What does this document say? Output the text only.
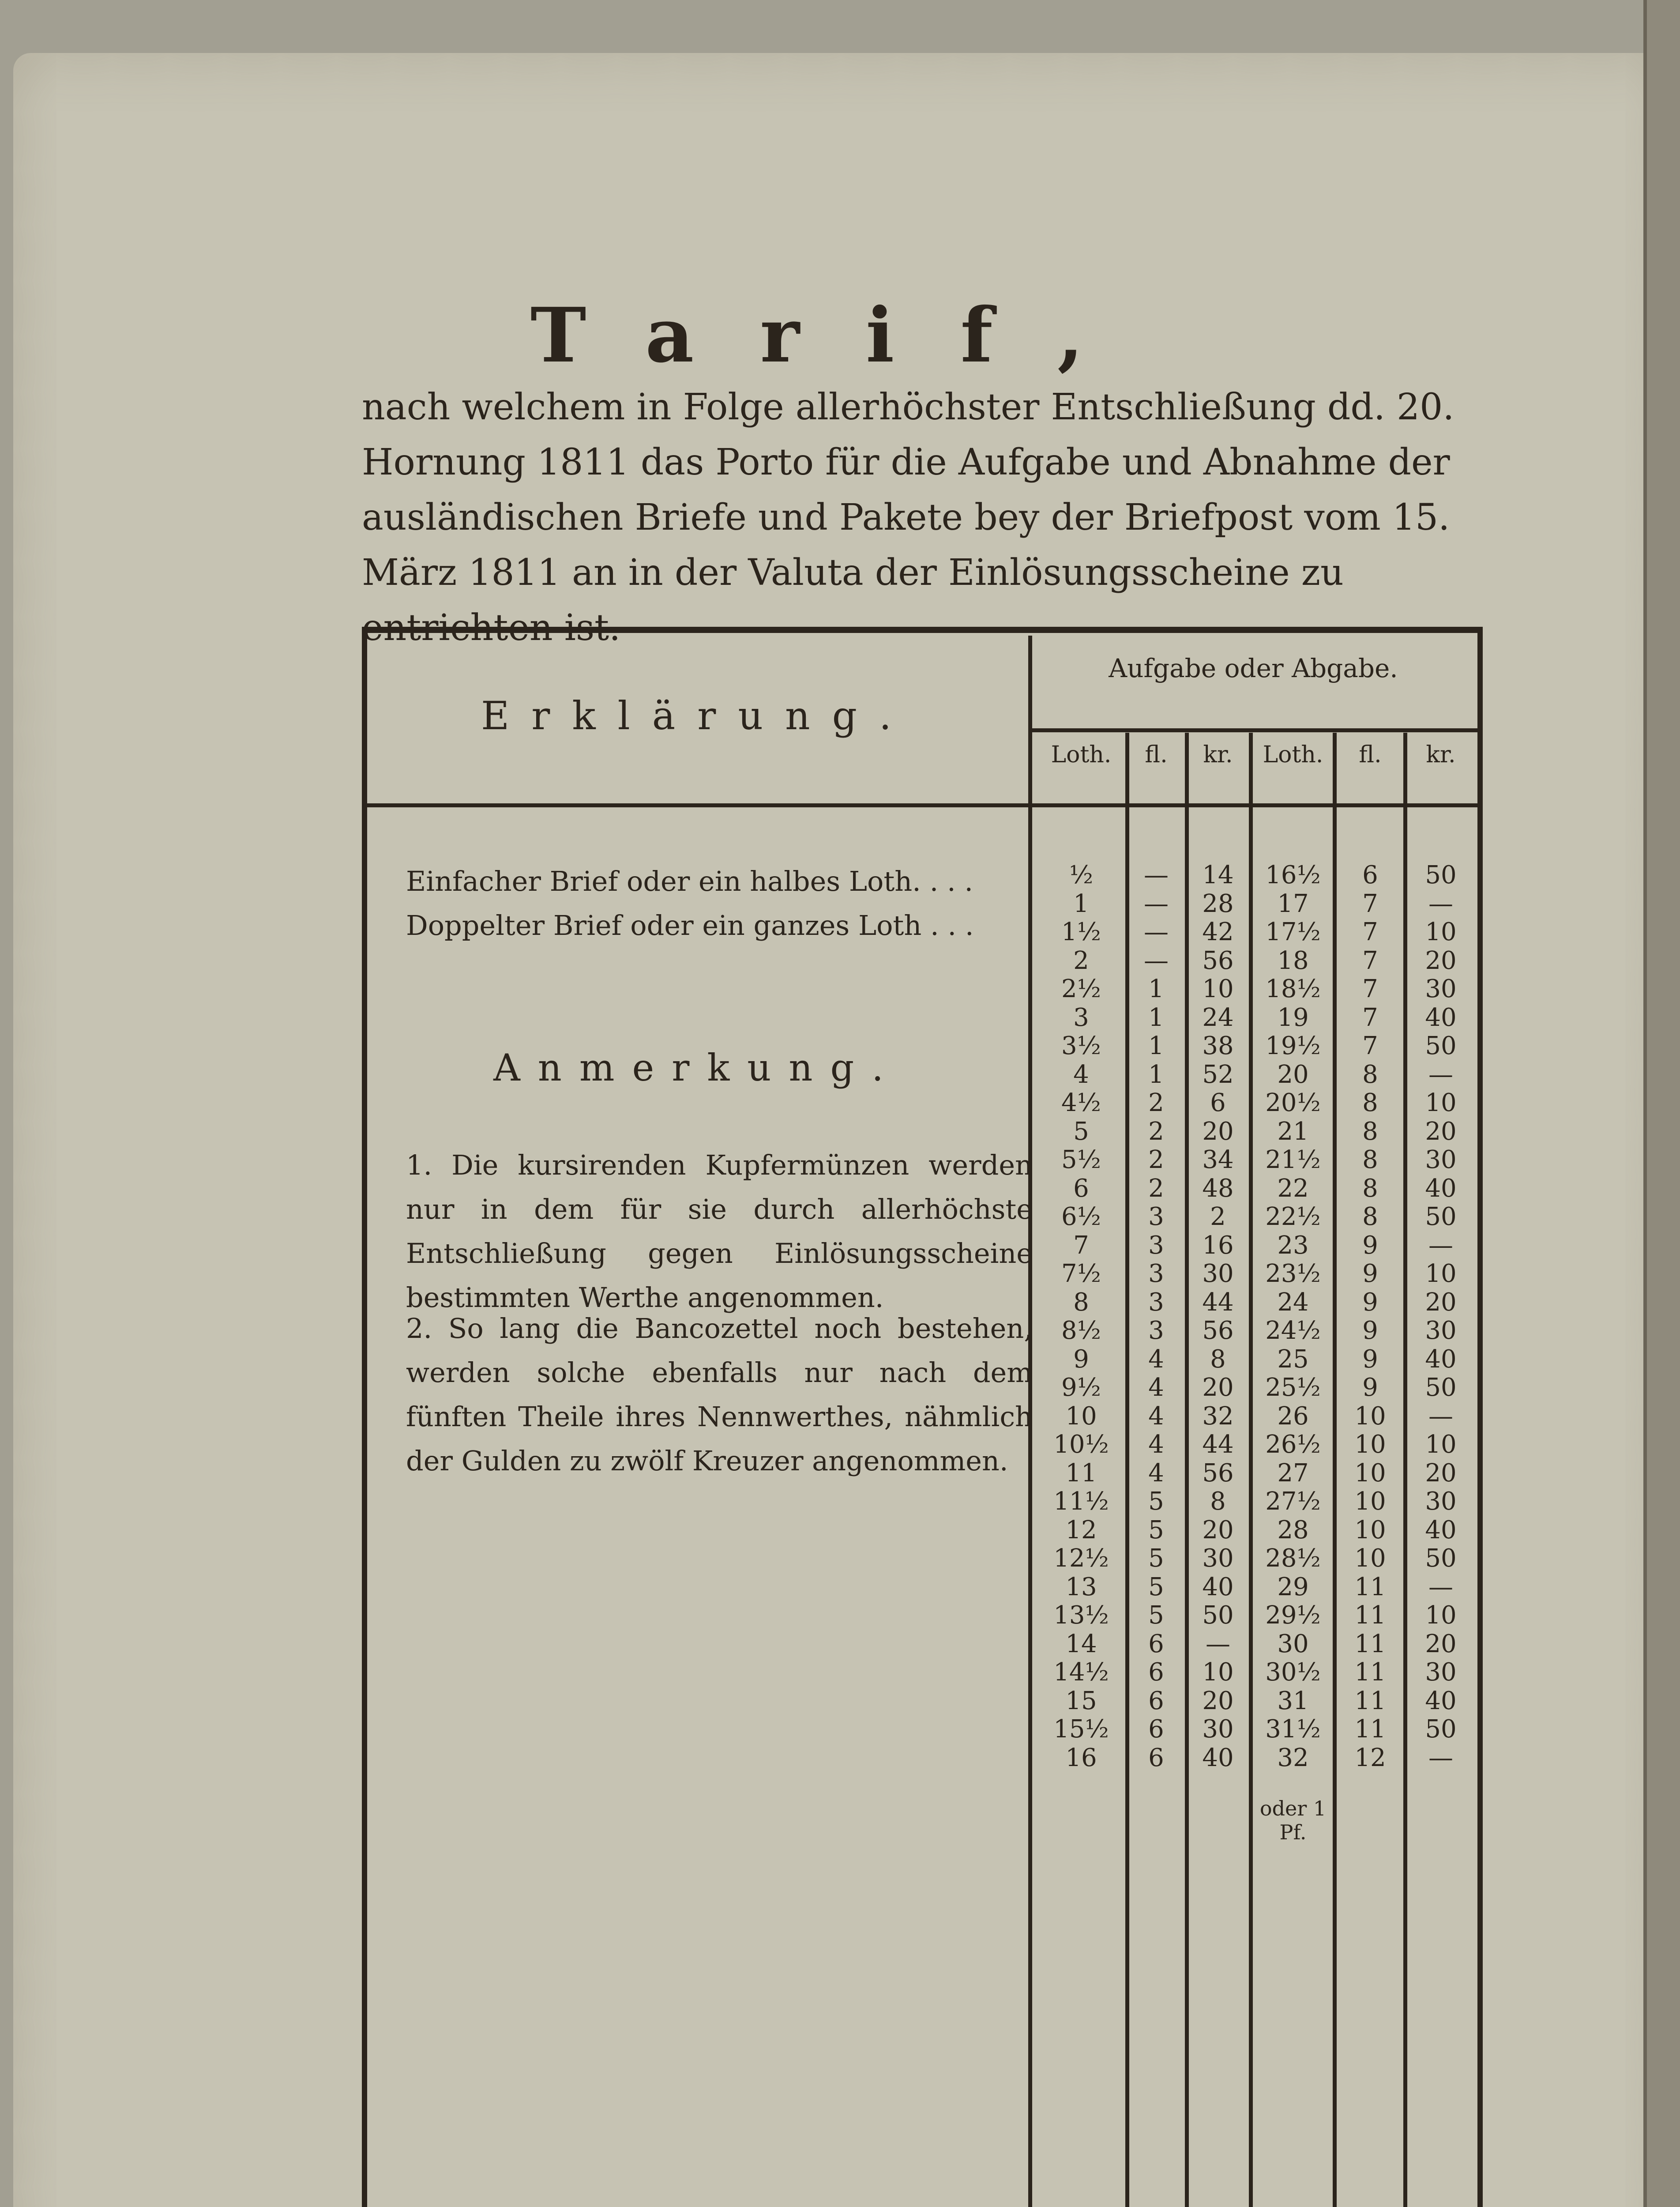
Tarif,
nach welchem in Folge allerhöchster Entschließung dd. 20. Hornung 1811 das Porto für die Aufgabe und Abnahme der ausländischen Briefe und Pakete bey der Briefpost vom 15. März 1811 an in der Valuta der Einlösungsscheine zu entrichten ist.
Erklärung.
Aufgabe oder Abgabe.
Loth.	fl.	kr.	Loth.	fl.	kr.
Einfacher Brief oder ein halbes Loth. . . .
Doppelter Brief oder ein ganzes Loth . . .
Anmerkung.
1. Die kursirenden Kupfermünzen werden nur in dem für sie durch allerhöchste Entschließung gegen Einlösungsscheine bestimmten Werthe angenommen.
2. So lang die Bancozettel noch bestehen, werden solche ebenfalls nur nach dem fünften Theile ihres Nennwerthes, nähmlich der Gulden zu zwölf Kreuzer angenommen.
½	—	14	16½	6	50
1	—	28	17	7	—
1½	—	42	17½	7	10
2	—	56	18	7	20
2½	1	10	18½	7	30
3	1	24	19	7	40
3½	1	38	19½	7	50
4	1	52	20	8	—
4½	2	6	20½	8	10
5	2	20	21	8	20
5½	2	34	21½	8	30
6	2	48	22	8	40
6½	3	2	22½	8	50
7	3	16	23	9	—
7½	3	30	23½	9	10
8	3	44	24	9	20
8½	3	56	24½	9	30
9	4	8	25	9	40
9½	4	20	25½	9	50
10	4	32	26	10	—
10½	4	44	26½	10	10
11	4	56	27	10	20
11½	5	8	27½	10	30
12	5	20	28	10	40
12½	5	30	28½	10	50
13	5	40	29	11	—
13½	5	50	29½	11	10
14	6	—	30	11	20
14½	6	10	30½	11	30
15	6	20	31	11	40
15½	6	30	31½	11	50
16	6	40	32	12	—
oder 1 Pf.
